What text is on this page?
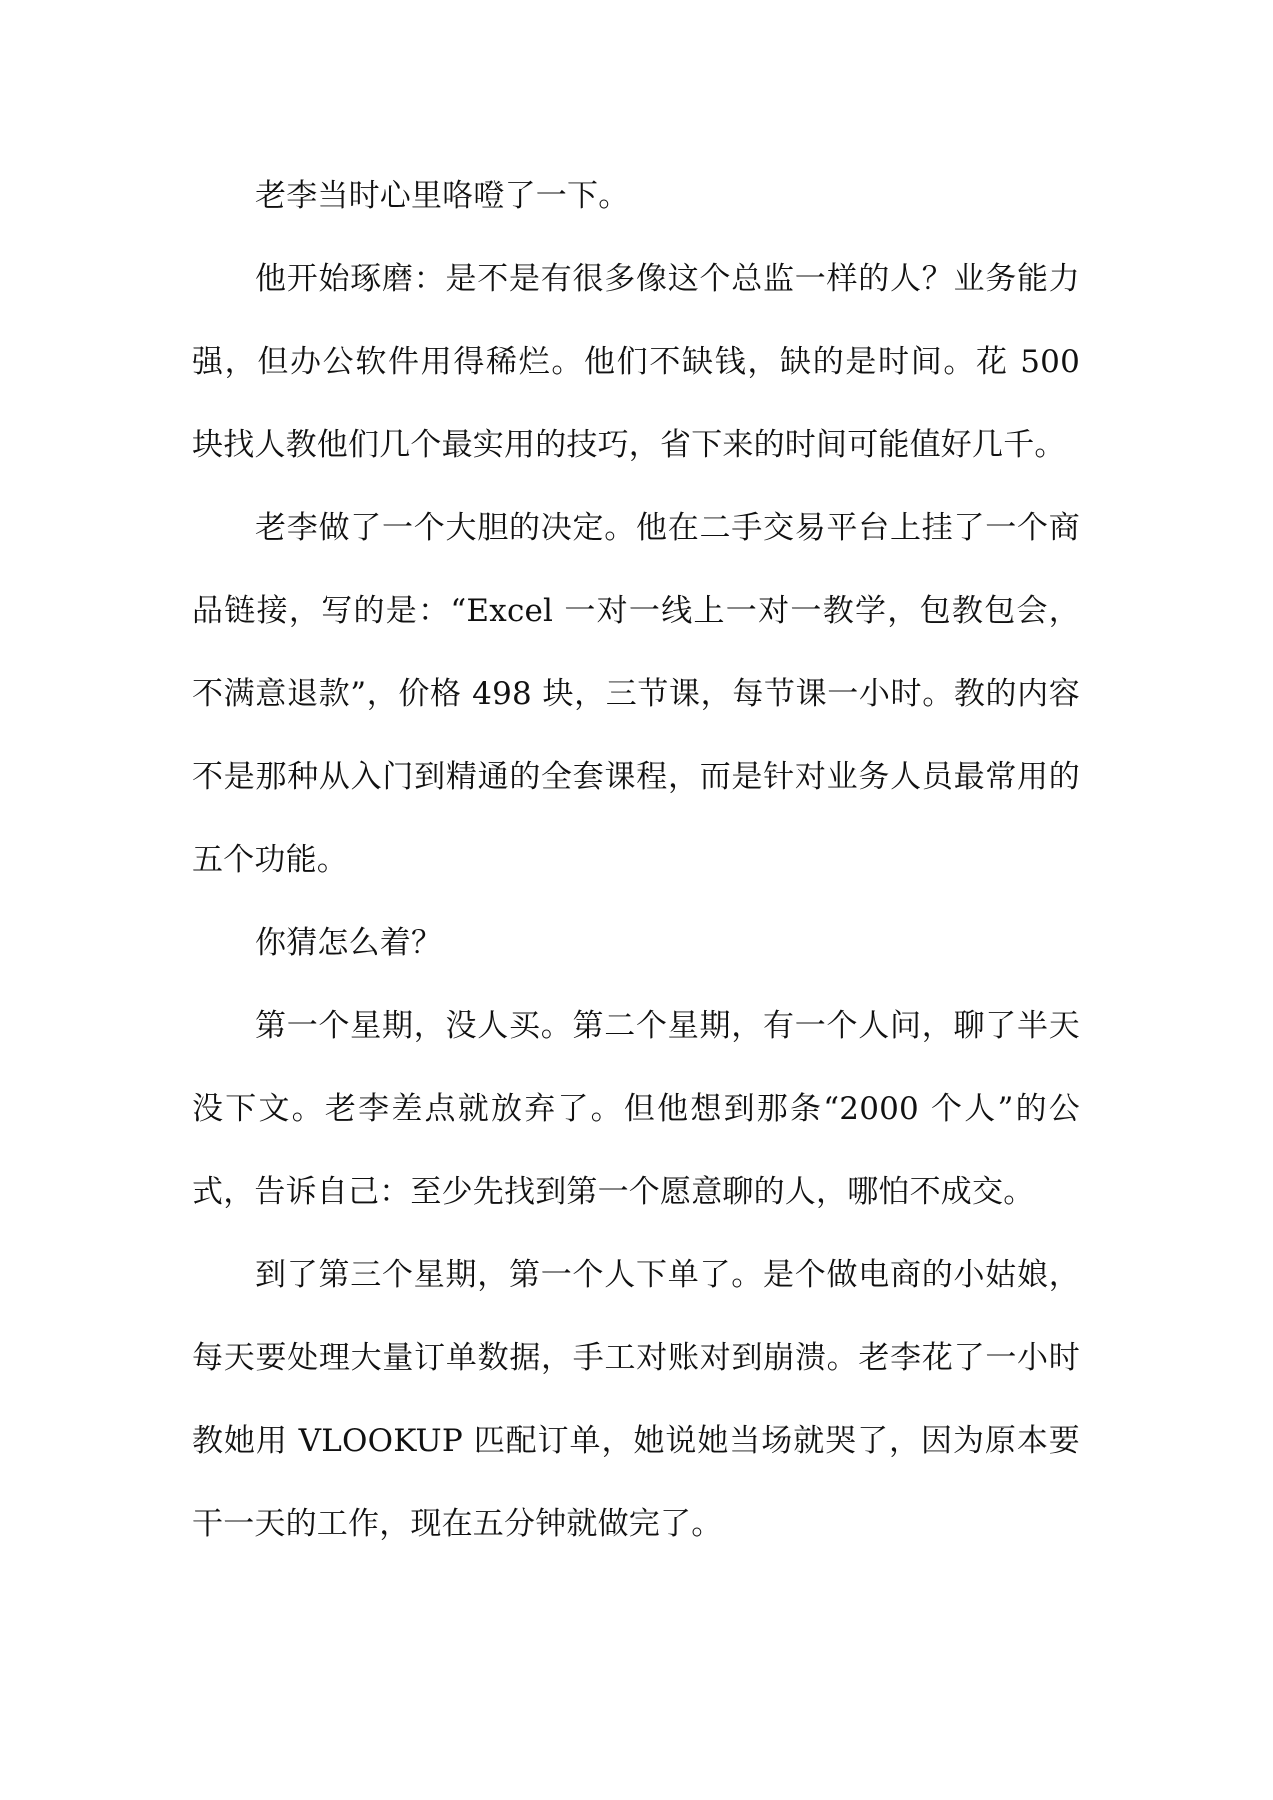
老李当时心里咯噔了一下。

他开始琢磨：是不是有很多像这个总监一样的人？业务能力强，但办公软件用得稀烂。他们不缺钱，缺的是时间。花 500 块找人教他们几个最实用的技巧，省下来的时间可能值好几千。

老李做了一个大胆的决定。他在二手交易平台上挂了一个商品链接，写的是：“Excel 一对一线上一对一教学，包教包会，不满意退款”，价格 498 块，三节课，每节课一小时。教的内容不是那种从入门到精通的全套课程，而是针对业务人员最常用的五个功能。

你猜怎么着？

第一个星期，没人买。第二个星期，有一个人问，聊了半天没下文。老李差点就放弃了。但他想到那条“2000 个人”的公式，告诉自己：至少先找到第一个愿意聊的人，哪怕不成交。

到了第三个星期，第一个人下单了。是个做电商的小姑娘，每天要处理大量订单数据，手工对账对到崩溃。老李花了一小时教她用 VLOOKUP 匹配订单，她说她当场就哭了，因为原本要干一天的工作，现在五分钟就做完了。
